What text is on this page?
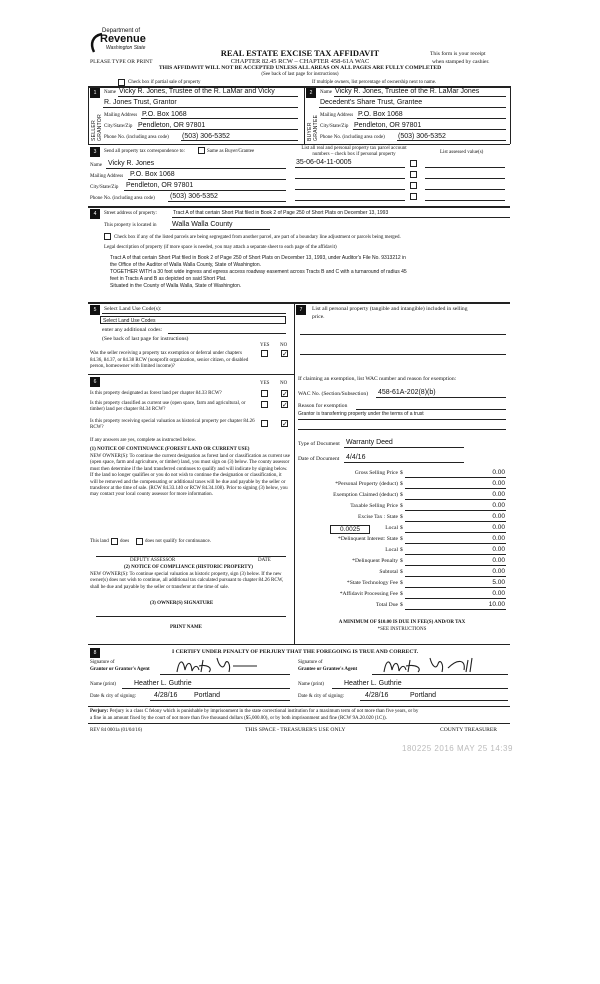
Department of
Revenue
Washington State	REAL ESTATE EXCISE TAX AFFIDAVIT
CHAPTER 82.45 RCW – CHAPTER 458-61A WAC
THIS AFFIDAVIT WILL NOT BE ACCEPTED UNLESS ALL AREAS ON ALL PAGES ARE FULLY COMPLETED
(See back of last page for instructions)
PLEASE TYPE OR PRINT
This form is your receipt
when stamped by cashier.
Check box if partial sale of property	If multiple owners, list percentage of ownership next to name.
1
SELLER GRANTOR
Name Vicky R. Jones, Trustee of the R. LaMar and Vicky
R. Jones Trust, Grantor
Mailing Address P.O. Box 1068
City/State/Zip Pendleton, OR 97801
Phone No. (including area code) (503) 306-5352
2
BUYER GRANTEE
Name Vicky R. Jones, Trustee of the R. LaMar Jones
Decedent's Share Trust, Grantee
Mailing Address P.O. Box 1068
City/State/Zip Pendleton, OR 97801
Phone No. (including area code) (503) 306-5352
3	Send all property tax correspondence to:	Same as Buyer/Grantee
Name Vicky R. Jones
Mailing Address P.O. Box 1068
City/State/Zip Pendleton, OR 97801
Phone No. (including area code) (503) 306-5352
List all real and personal property tax parcel account
numbers – check box if personal property	List assessed value(s)
35-06-04-11-0005
4	Street address of property:	Tract A of that certain Short Plat filed in Book 2 of Page 250 of Short Plats on December 13, 1993
This property is located in Walla Walla County
Check box if any of the listed parcels are being segregated from another parcel, are part of a boundary line adjustment or parcels being merged.
Legal description of property (if more space is needed, you may attach a separate sheet to each page of the affidavit)
Tract A of that certain Short Plat filed in Book 2 of Page 250 of Short Plats on December 13, 1993, under Auditor's File No. 9313212 in
the Office of the Auditor of Walla Walla County, State of Washington.
TOGETHER WITH a 30 foot wide ingress and egress access roadway easement across Tracts B and C with a turnaround of radius 45
feet in Tracts A and B as depicted on said Short Plat.
Situated in the County of Walla Walla, State of Washington.
5	Select Land Use Code(s):
Select Land Use Codes
enter any additional codes:
(See back of last page for instructions)
YES NO
Was the seller receiving a property tax exemption or deferral under chapters 84.36, 84.37, or 84.38 RCW (nonprofit organization, senior citizen, or disabled person, homeowner with limited income)?
✓
6	YES NO
Is this property designated as forest land per chapter 84.33 RCW?	✓
Is this property classified as current use (open space, farm and agricultural, or timber) land per chapter 84.34 RCW?
✓
Is this property receiving special valuation as historical property per chapter 84.26 RCW?	✓
If any answers are yes, complete as instructed below.
(1) NOTICE OF CONTINUANCE (FOREST LAND OR CURRENT USE)
NEW OWNER(S): To continue the current designation as forest land or classification as current use (open space, farm and agriculture, or timber) land, you must sign on (3) below. The county assessor must then determine if the land transferred continues to qualify and will indicate by signing below. If the land no longer qualifies or you do not wish to continue the designation or classification, it will be removed and the compensating or additional taxes will be due and payable by the seller or transferor at the time of sale. (RCW 84.33.140 or RCW 84.34.108). Prior to signing (3) below, you may contact your local county assessor for more information.
This land does	does not qualify for continuance.
DEPUTY ASSESSOR	DATE
(2) NOTICE OF COMPLIANCE (HISTORIC PROPERTY)
NEW OWNER(S): To continue special valuation as historic property, sign (3) below. If the new owner(s) does not wish to continue, all additional tax calculated pursuant to chapter 84.26 RCW, shall be due and payable by the seller or transferor at the time of sale.
(3) OWNER(S) SIGNATURE
PRINT NAME
7	List all personal property (tangible and intangible) included in selling
price.
If claiming an exemption, list WAC number and reason for exemption:
WAC No. (Section/Subsection) 458-61A-202(8)(b)
Reason for exemption
Grantor is transferring property under the terms of a trust
Type of Document Warranty Deed
Date of Document 4/4/16
Gross Selling Price $	0.00
*Personal Property (deduct) $	0.00
Exemption Claimed (deduct) $	0.00
Taxable Selling Price $	0.00
Excise Tax : State $	0.00
Local $	0.00
*Delinquent Interest: State $	0.00
Local $	0.00
*Delinquent Penalty $	0.00
Subtotal $	0.00
*State Technology Fee $	5.00
*Affidavit Processing Fee $	0.00
Total Due $	10.00
0.0025
A MINIMUM OF $10.00 IS DUE IN FEE(S) AND/OR TAX
*SEE INSTRUCTIONS
8	I CERTIFY UNDER PENALTY OF PERJURY THAT THE FOREGOING IS TRUE AND CORRECT.
Signature of
Grantor or Grantor's Agent
Signature of
Grantee or Grantee's Agent
Name (print)	Heather L. Guthrie	Name (print)	Heather L. Guthrie
Date & city of signing:	4/28/16 Portland	Date & city of signing:	4/28/16	Portland
Perjury: Perjury is a class C felony which is punishable by imprisonment in the state correctional institution for a maximum term of not more than five years, or by
a fine in an amount fixed by the court of not more than five thousand dollars ($5,000.00), or by both imprisonment and fine (RCW 9A.20.020 (1C)).
REV 84 0001a (01/04/16)	THIS SPACE - TREASURER'S USE ONLY	COUNTY TREASURER
180225 2016 MAY 25 14:39
